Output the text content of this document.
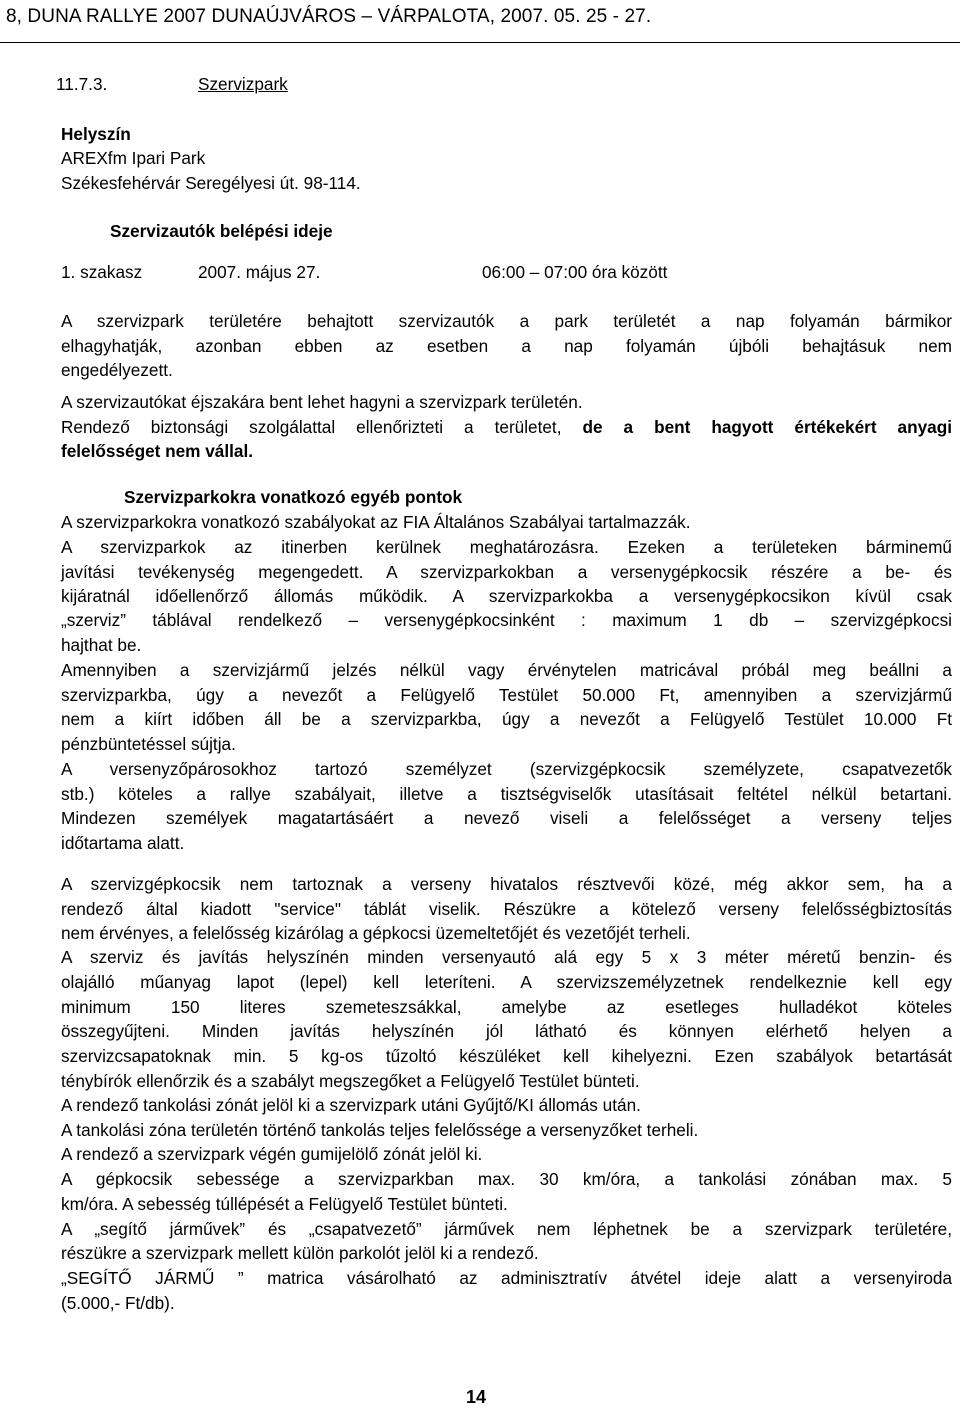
8, DUNA RALLYE 2007 DUNAÚJVÁROS – VÁRPALOTA, 2007. 05. 25 - 27.
11.7.3.	Szervizpark
Helyszín
AREXfm Ipari Park
Székesfehérvár Seregélyesi út. 98-114.
Szervizautók belépési ideje
1. szakasz	2007. május 27.	06:00 – 07:00 óra között
A szervizpark területére behajtott szervizautók a park területét a nap folyamán bármikor
elhagyhatják, azonban ebben az esetben a nap folyamán újbóli behajtásuk nem
engedélyezett.
A szervizautókat éjszakára bent lehet hagyni a szervizpark területén.
Rendező biztonsági szolgálattal ellenőrizteti a területet, de a bent hagyott értékekért anyagi
felelősséget nem vállal.
Szervizparkokra vonatkozó egyéb pontok
A szervizparkokra vonatkozó szabályokat az FIA Általános Szabályai tartalmazzák.
A szervizparkok az itinerben kerülnek meghatározásra. Ezeken a területeken bárminemű
javítási tevékenység megengedett. A szervizparkokban a versenygépkocsik részére a be- és
kijáratnál időellenőrző állomás működik. A szervizparkokba a versenygépkocsikon kívül csak
„szerviz” táblával rendelkező – versenygépkocsinként : maximum 1 db – szervizgépkocsi
hajthat be.
Amennyiben a szervizjármű jelzés nélkül vagy érvénytelen matricával próbál meg beállni a
szervizparkba, úgy a nevezőt a Felügyelő Testület 50.000 Ft, amennyiben a szervizjármű
nem a kiírt időben áll be a szervizparkba, úgy a nevezőt a Felügyelő Testület 10.000 Ft
pénzbüntetéssel sújtja.
A versenyzőpárosokhoz tartozó személyzet (szervizgépkocsik személyzete, csapatvezetők
stb.) köteles a rallye szabályait, illetve a tisztségviselők utasításait feltétel nélkül betartani.
Mindezen személyek magatartásáért a nevező viseli a felelősséget a verseny teljes
időtartama alatt.
A szervizgépkocsik nem tartoznak a verseny hivatalos résztvevői közé, még akkor sem, ha a
rendező által kiadott "service" táblát viselik. Részükre a kötelező verseny felelősségbiztosítás
nem érvényes, a felelősség kizárólag a gépkocsi üzemeltetőjét és vezetőjét terheli.
A szerviz és javítás helyszínén minden versenyautó alá egy 5 x 3 méter méretű benzin- és
olajálló műanyag lapot (lepel) kell leteríteni. A szervizszemélyzetnek rendelkeznie kell egy
minimum 150 literes szemeteszsákkal, amelybe az esetleges hulladékot köteles
összegyűjteni. Minden javítás helyszínén jól látható és könnyen elérhető helyen a
szervizcsapatoknak min. 5 kg-os tűzoltó készüléket kell kihelyezni. Ezen szabályok betartását
ténybírók ellenőrzik és a szabályt megszegőket a Felügyelő Testület bünteti.
A rendező tankolási zónát jelöl ki a szervizpark utáni Gyűjtő/KI állomás után.
A tankolási zóna területén történő tankolás teljes felelőssége a versenyzőket terheli.
A rendező a szervizpark végén gumijelölő zónát jelöl ki.
A gépkocsik sebessége a szervizparkban max. 30 km/óra, a tankolási zónában max. 5
km/óra. A sebesség túllépését a Felügyelő Testület bünteti.
A „segítő járművek” és „csapatvezető” járművek nem léphetnek be a szervizpark területére,
részükre a szervizpark mellett külön parkolót jelöl ki a rendező.
„SEGÍTŐ JÁRMŰ ” matrica vásárolható az adminisztratív átvétel ideje alatt a versenyiroda
(5.000,- Ft/db).
14
